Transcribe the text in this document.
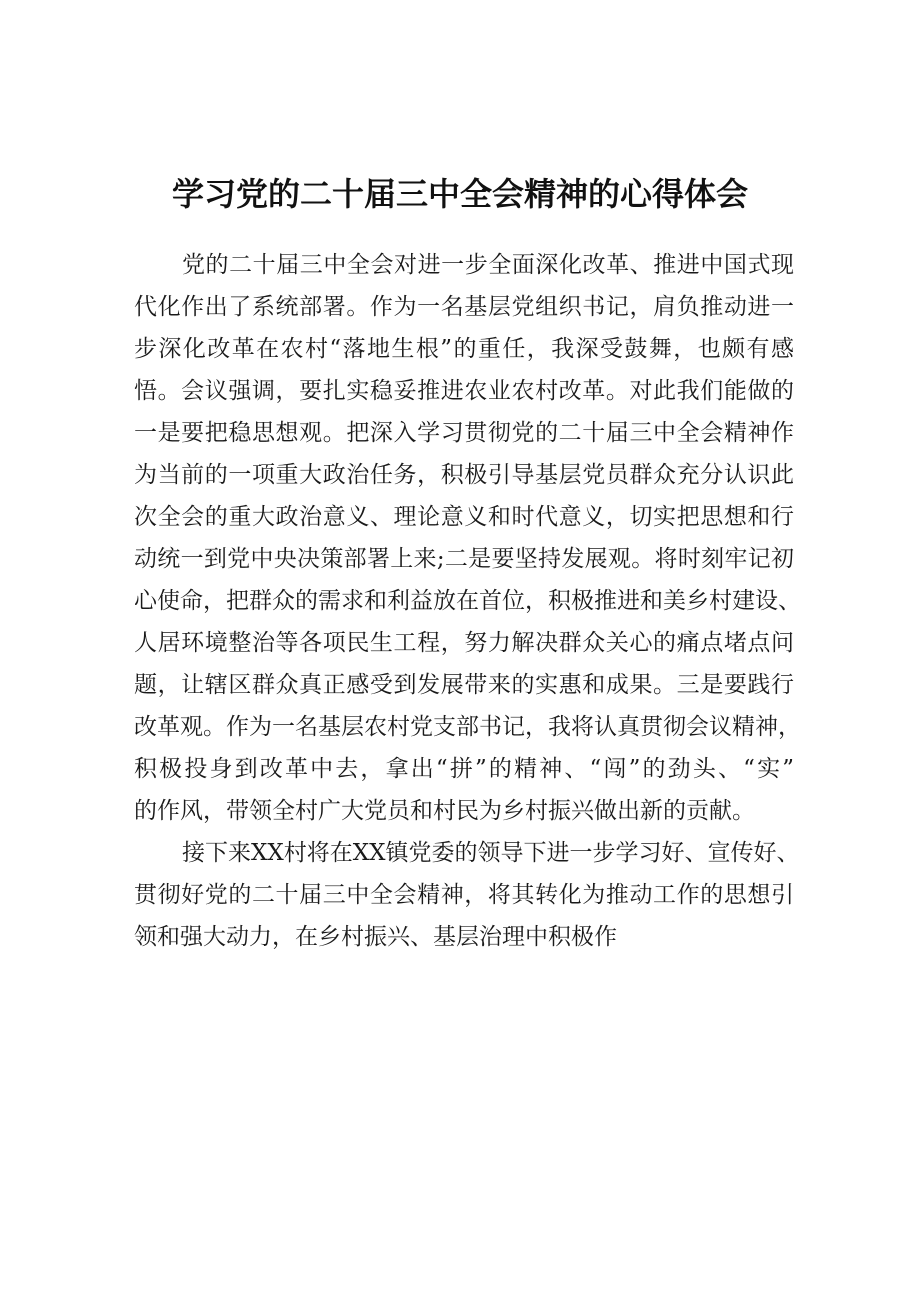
学习党的二十届三中全会精神的心得体会
党的二十届三中全会对进一步全面深化改革、推进中国式现
代化作出了系统部署。作为一名基层党组织书记，肩负推动进一
步深化改革在农村“落地生根”的重任，我深受鼓舞，也颇有感
悟。会议强调，要扎实稳妥推进农业农村改革。对此我们能做的
一是要把稳思想观。把深入学习贯彻党的二十届三中全会精神作
为当前的一项重大政治任务，积极引导基层党员群众充分认识此
次全会的重大政治意义、理论意义和时代意义，切实把思想和行
动统一到党中央决策部署上来;二是要坚持发展观。将时刻牢记初
心使命，把群众的需求和利益放在首位，积极推进和美乡村建设、
人居环境整治等各项民生工程，努力解决群众关心的痛点堵点问
题，让辖区群众真正感受到发展带来的实惠和成果。三是要践行
改革观。作为一名基层农村党支部书记，我将认真贯彻会议精神，
积极投身到改革中去，拿出“拼”的精神、“闯”的劲头、“实”
的作风，带领全村广大党员和村民为乡村振兴做出新的贡献。
接下来XX村将在XX镇党委的领导下进一步学习好、宣传好、
贯彻好党的二十届三中全会精神，将其转化为推动工作的思想引
领和强大动力，在乡村振兴、基层治理中积极作
